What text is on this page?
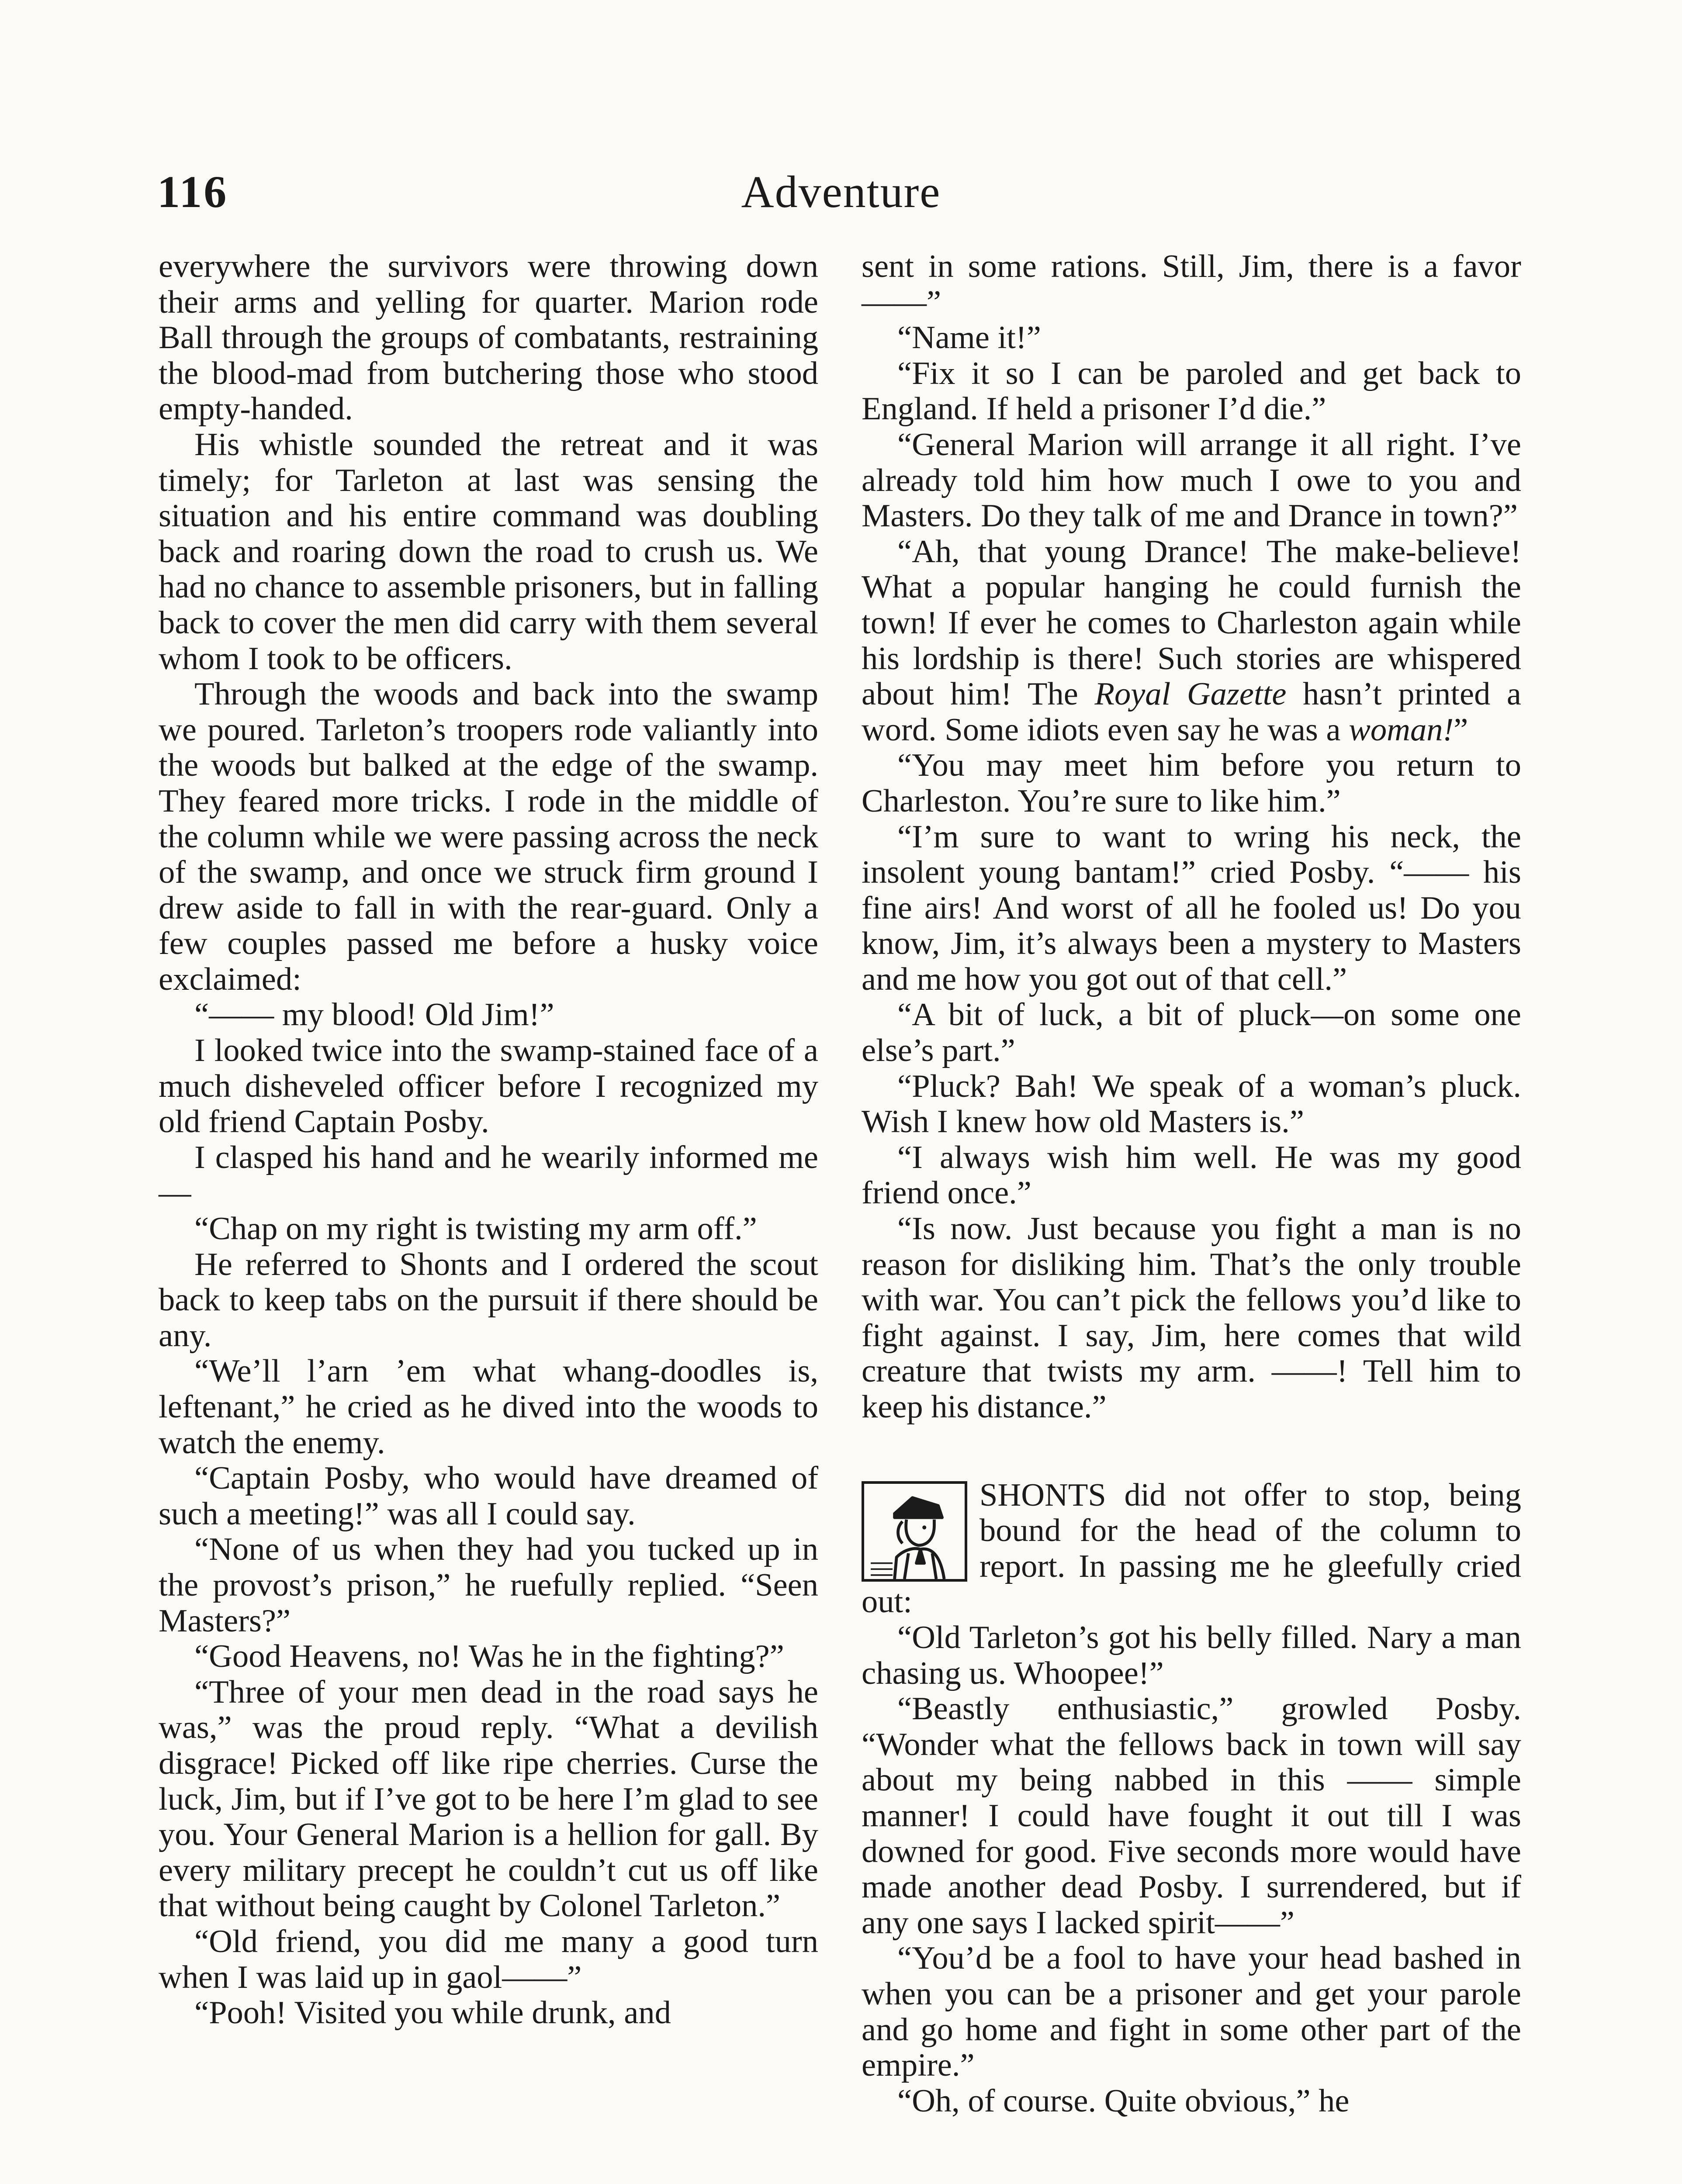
116	Adventure

everywhere the survivors were throwing down their arms and yelling for quarter. Marion rode Ball through the groups of combatants, restraining the blood-mad from butchering those who stood empty-handed.

His whistle sounded the retreat and it was timely; for Tarleton at last was sensing the situation and his entire command was doubling back and roaring down the road to crush us. We had no chance to assemble prisoners, but in falling back to cover the men did carry with them several whom I took to be officers.

Through the woods and back into the swamp we poured. Tarleton’s troopers rode valiantly into the woods but balked at the edge of the swamp. They feared more tricks. I rode in the middle of the column while we were passing across the neck of the swamp, and once we struck firm ground I drew aside to fall in with the rear-guard. Only a few couples passed me before a husky voice exclaimed:

“—— my blood! Old Jim!”

I looked twice into the swamp-stained face of a much disheveled officer before I recognized my old friend Captain Posby.

I clasped his hand and he wearily informed me—

“Chap on my right is twisting my arm off.”

He referred to Shonts and I ordered the scout back to keep tabs on the pursuit if there should be any.

“We’ll l’arn ’em what whang-doodles is, leftenant,” he cried as he dived into the woods to watch the enemy.

“Captain Posby, who would have dreamed of such a meeting!” was all I could say.

“None of us when they had you tucked up in the provost’s prison,” he ruefully replied. “Seen Masters?”

“Good Heavens, no! Was he in the fighting?”

“Three of your men dead in the road says he was,” was the proud reply. “What a devilish disgrace! Picked off like ripe cherries. Curse the luck, Jim, but if I’ve got to be here I’m glad to see you. Your General Marion is a hellion for gall. By every military precept he couldn’t cut us off like that without being caught by Colonel Tarleton.”

“Old friend, you did me many a good turn when I was laid up in gaol——”

“Pooh! Visited you while drunk, and

sent in some rations. Still, Jim, there is a favor——”

“Name it!”

“Fix it so I can be paroled and get back to England. If held a prisoner I’d die.”

“General Marion will arrange it all right. I’ve already told him how much I owe to you and Masters. Do they talk of me and Drance in town?”

“Ah, that young Drance! The make-believe! What a popular hanging he could furnish the town! If ever he comes to Charleston again while his lordship is there! Such stories are whispered about him! The Royal Gazette hasn’t printed a word. Some idiots even say he was a woman!”

“You may meet him before you return to Charleston. You’re sure to like him.”

“I’m sure to want to wring his neck, the insolent young bantam!” cried Posby. “—— his fine airs! And worst of all he fooled us! Do you know, Jim, it’s always been a mystery to Masters and me how you got out of that cell.”

“A bit of luck, a bit of pluck—on some one else’s part.”

“Pluck? Bah! We speak of a woman’s pluck. Wish I knew how old Masters is.”

“I always wish him well. He was my good friend once.”

“Is now. Just because you fight a man is no reason for disliking him. That’s the only trouble with war. You can’t pick the fellows you’d like to fight against. I say, Jim, here comes that wild creature that twists my arm. ——! Tell him to keep his distance.”

SHONTS did not offer to stop, being bound for the head of the column to report. In passing me he gleefully cried out:

“Old Tarleton’s got his belly filled. Nary a man chasing us. Whoopee!”

“Beastly enthusiastic,” growled Posby. “Wonder what the fellows back in town will say about my being nabbed in this —— simple manner! I could have fought it out till I was downed for good. Five seconds more would have made another dead Posby. I surrendered, but if any one says I lacked spirit——”

“You’d be a fool to have your head bashed in when you can be a prisoner and get your parole and go home and fight in some other part of the empire.”

“Oh, of course. Quite obvious,” he
